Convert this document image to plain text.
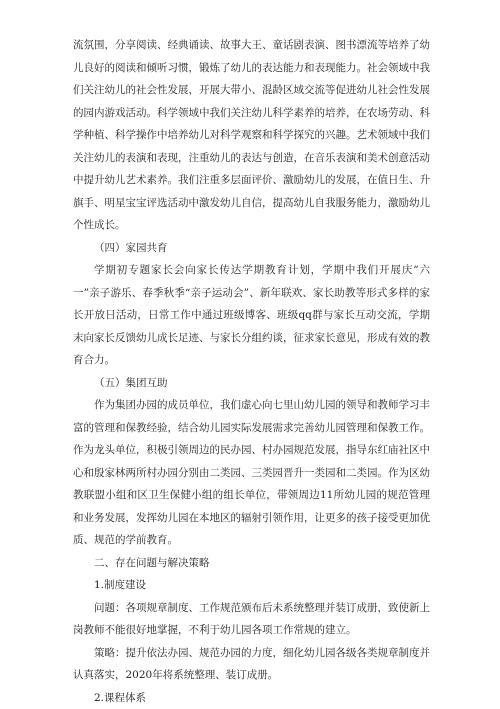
流氛围，分享阅读、经典诵读、故事大王、童话剧表演、图书漂流等培养了幼儿良好的阅读和倾听习惯，锻炼了幼儿的表达能力和表现能力。社会领域中我们关注幼儿的社会性发展，开展大带小、混龄区域交流等促进幼儿社会性发展的园内游戏活动。科学领域中我们关注幼儿科学素养的培养，在农场劳动、科学种植、科学操作中培养幼儿对科学观察和科学探究的兴趣。艺术领域中我们关注幼儿的表演和表现，注重幼儿的表达与创造，在音乐表演和美术创意活动中提升幼儿艺术素养。我们注重多层面评价、激励幼儿的发展，在值日生、升旗手、明星宝宝评选活动中激发幼儿自信，提高幼儿自我服务能力，激励幼儿个性成长。

（四）家园共育

学期初专题家长会向家长传达学期教育计划，学期中我们开展庆“六一”亲子游乐、春季秋季“亲子运动会”、新年联欢、家长助教等形式多样的家长开放日活动，日常工作中通过班级博客、班级qq群与家长互动交流，学期末向家长反馈幼儿成长足迹、与家长分组约谈，征求家长意见，形成有效的教育合力。

（五）集团互助

作为集团办园的成员单位，我们虚心向七里山幼儿园的领导和教师学习丰富的管理和保教经验，结合幼儿园实际发展需求完善幼儿园管理和保教工作。作为龙头单位，积极引领周边的民办园、村办园规范发展，指导东红庙社区中心和殷家林两所村办园分别由二类园、三类园晋升一类园和二类园。作为区幼教联盟小组和区卫生保健小组的组长单位，带领周边11所幼儿园的规范管理和业务发展，发挥幼儿园在本地区的辐射引领作用，让更多的孩子接受更加优质、规范的学前教育。

二、存在问题与解决策略

1.制度建设

问题：各项规章制度、工作规范颁布后未系统整理并装订成册，致使新上岗教师不能很好地掌握，不利于幼儿园各项工作常规的建立。

策略：提升依法办园、规范办园的力度，细化幼儿园各级各类规章制度并认真落实，2020年将系统整理、装订成册。

2.课程体系
